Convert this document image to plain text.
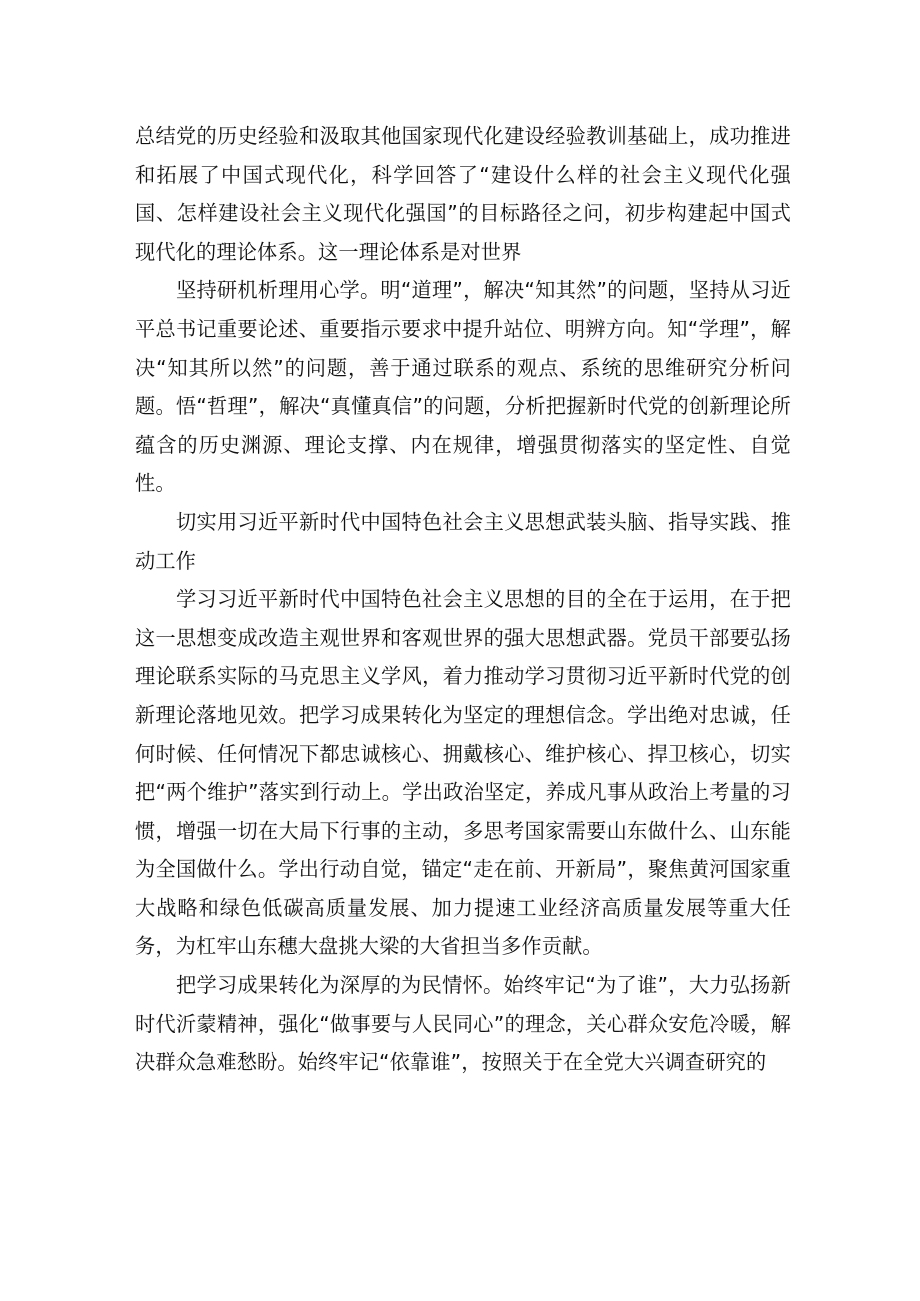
总结党的历史经验和汲取其他国家现代化建设经验教训基础上，成功推进和拓展了中国式现代化，科学回答了“建设什么样的社会主义现代化强国、怎样建设社会主义现代化强国”的目标路径之问，初步构建起中国式现代化的理论体系。这一理论体系是对世界

坚持研机析理用心学。明“道理”，解决“知其然”的问题，坚持从习近平总书记重要论述、重要指示要求中提升站位、明辨方向。知“学理”，解决“知其所以然”的问题，善于通过联系的观点、系统的思维研究分析问题。悟“哲理”，解决“真懂真信”的问题，分析把握新时代党的创新理论所蕴含的历史渊源、理论支撑、内在规律，增强贯彻落实的坚定性、自觉性。

切实用习近平新时代中国特色社会主义思想武装头脑、指导实践、推动工作

学习习近平新时代中国特色社会主义思想的目的全在于运用，在于把这一思想变成改造主观世界和客观世界的强大思想武器。党员干部要弘扬理论联系实际的马克思主义学风，着力推动学习贯彻习近平新时代党的创新理论落地见效。把学习成果转化为坚定的理想信念。学出绝对忠诚，任何时候、任何情况下都忠诚核心、拥戴核心、维护核心、捍卫核心，切实把“两个维护”落实到行动上。学出政治坚定，养成凡事从政治上考量的习惯，增强一切在大局下行事的主动，多思考国家需要山东做什么、山东能为全国做什么。学出行动自觉，锚定“走在前、开新局”，聚焦黄河国家重大战略和绿色低碳高质量发展、加力提速工业经济高质量发展等重大任务，为杠牢山东穗大盘挑大梁的大省担当多作贡献。

把学习成果转化为深厚的为民情怀。始终牢记“为了谁”，大力弘扬新时代沂蒙精神，强化“做事要与人民同心”的理念，关心群众安危冷暖，解决群众急难愁盼。始终牢记“依靠谁”，按照关于在全党大兴调查研究的
